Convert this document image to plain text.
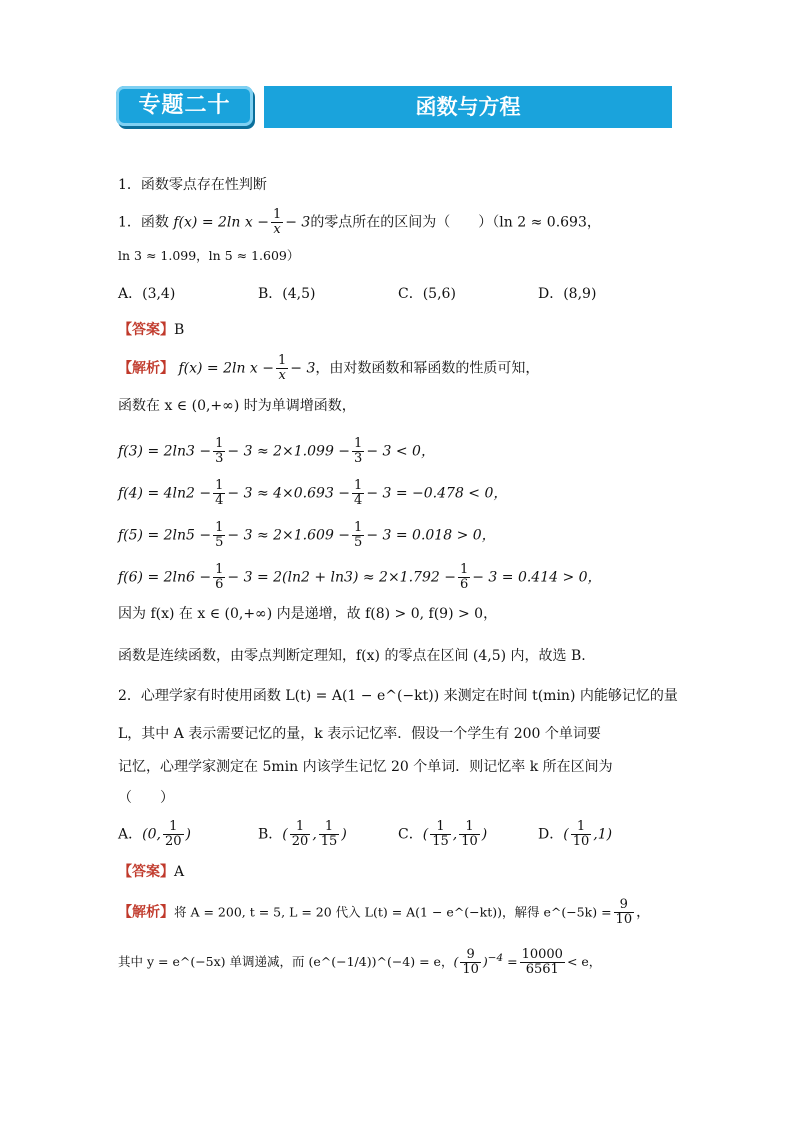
专题二十	函数与方程
1．函数零点存在性判断
1．函数 f(x) = 2ln $x - \frac{1}{x} - 3$的零点所在的区间为（　　）（ln 2 ≈ 0.693，
ln 3 ≈ 1.099，ln 5 ≈ 1.609）
A．(3,4)	B．(4,5)	C．(5,6)	D．(8,9)
【答案】B
【解析】 f(x) = 2ln $x - \frac{1}{x} - 3$，由对数函数和幂函数的性质可知，
函数在 x ∈ (0,+∞) 时为单调增函数，
$f(3) = 2\ln 3 - \frac{1}{3} - 3 \approx 2\times 1.099 - \frac{1}{3} - 3 < 0$，
$f(4) = 4\ln 2 - \frac{1}{4} - 3 \approx 4\times 0.693 - \frac{1}{4} - 3 = -0.478 < 0$，
$f(5) = 2\ln 5 - \frac{1}{5} - 3 \approx 2\times 1.609 - \frac{1}{5} - 3 = 0.018 > 0$，
$f(6) = 2\ln 6 - \frac{1}{6} - 3 = 2(\ln 2 + \ln 3) \approx 2\times 1.792 - \frac{1}{6} - 3 = 0.414 > 0$，
因为 f(x) 在 x ∈ (0,+∞) 内是递增，故 f(8) > 0, f(9) > 0，
函数是连续函数，由零点判断定理知，f(x) 的零点在区间 (4,5) 内，故选 B.
2．心理学家有时使用函数 L(t) = A(1 − e^(−kt)) 来测定在时间 t(min) 内能够记忆的量
L，其中 A 表示需要记忆的量，k 表示记忆率．假设一个学生有 200 个单词要
记忆，心理学家测定在 5min 内该学生记忆 20 个单词．则记忆率 k 所在区间为
（　　）
A．(0, $\frac{1}{20}$ )	B．( $\frac{1}{20}$ , $\frac{1}{15}$ )	C．( $\frac{1}{15}$ , $\frac{1}{10}$ )	D．( $\frac{1}{10} ,1$)
【答案】A
【解析】将 A = 200, t = 5, L = 20 代入 L(t) = A(1 − e^(−kt))，解得 e^(−5k) = $\frac{9}{10}$ ，
其中 y = e^(−5x) 单调递减，而 (e^(−1/4))^(−4) = e，( $\frac{9}{10} )^{-4} = \frac{10000}{6561} < e$，
